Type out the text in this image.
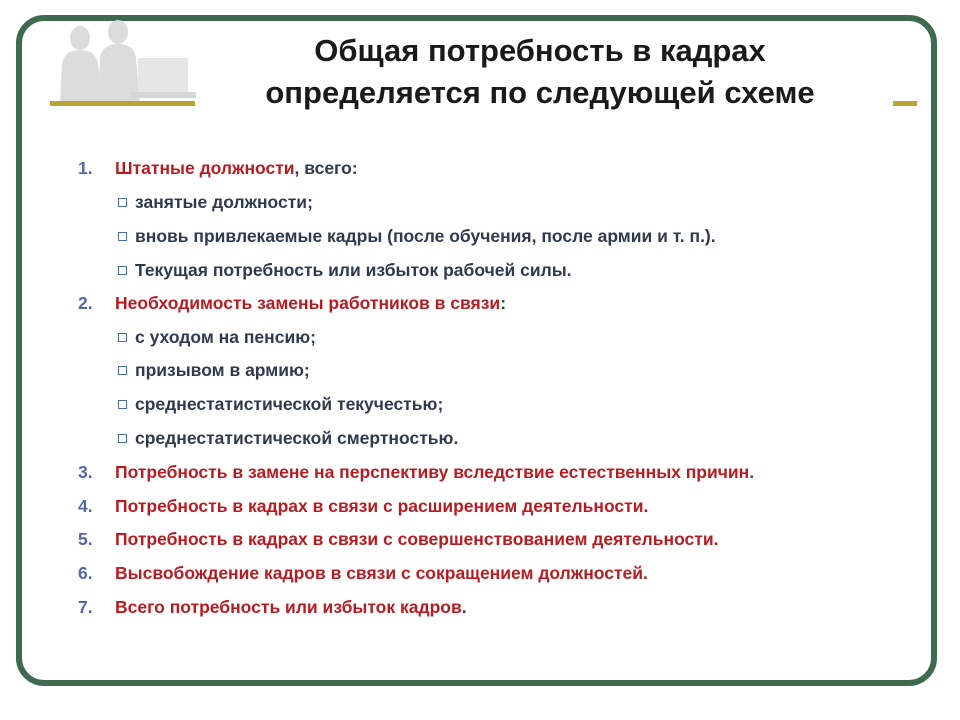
Общая потребность в кадрах
определяется по следующей схеме
1.	Штатные должности, всего:
занятые должности;
вновь привлекаемые кадры (после обучения, после армии и т. п.).
Текущая потребность или избыток рабочей силы.
2.	Необходимость замены работников в связи:
с уходом на пенсию;
призывом в армию;
среднестатистической текучестью;
среднестатистической смертностью.
3.	Потребность в замене на перспективу вследствие естественных причин.
4.	Потребность в кадрах в связи с расширением деятельности.
5.	Потребность в кадрах в связи с совершенствованием деятельности.
6.	Высвобождение кадров в связи с сокращением должностей.
7.	Всего потребность или избыток кадров.
